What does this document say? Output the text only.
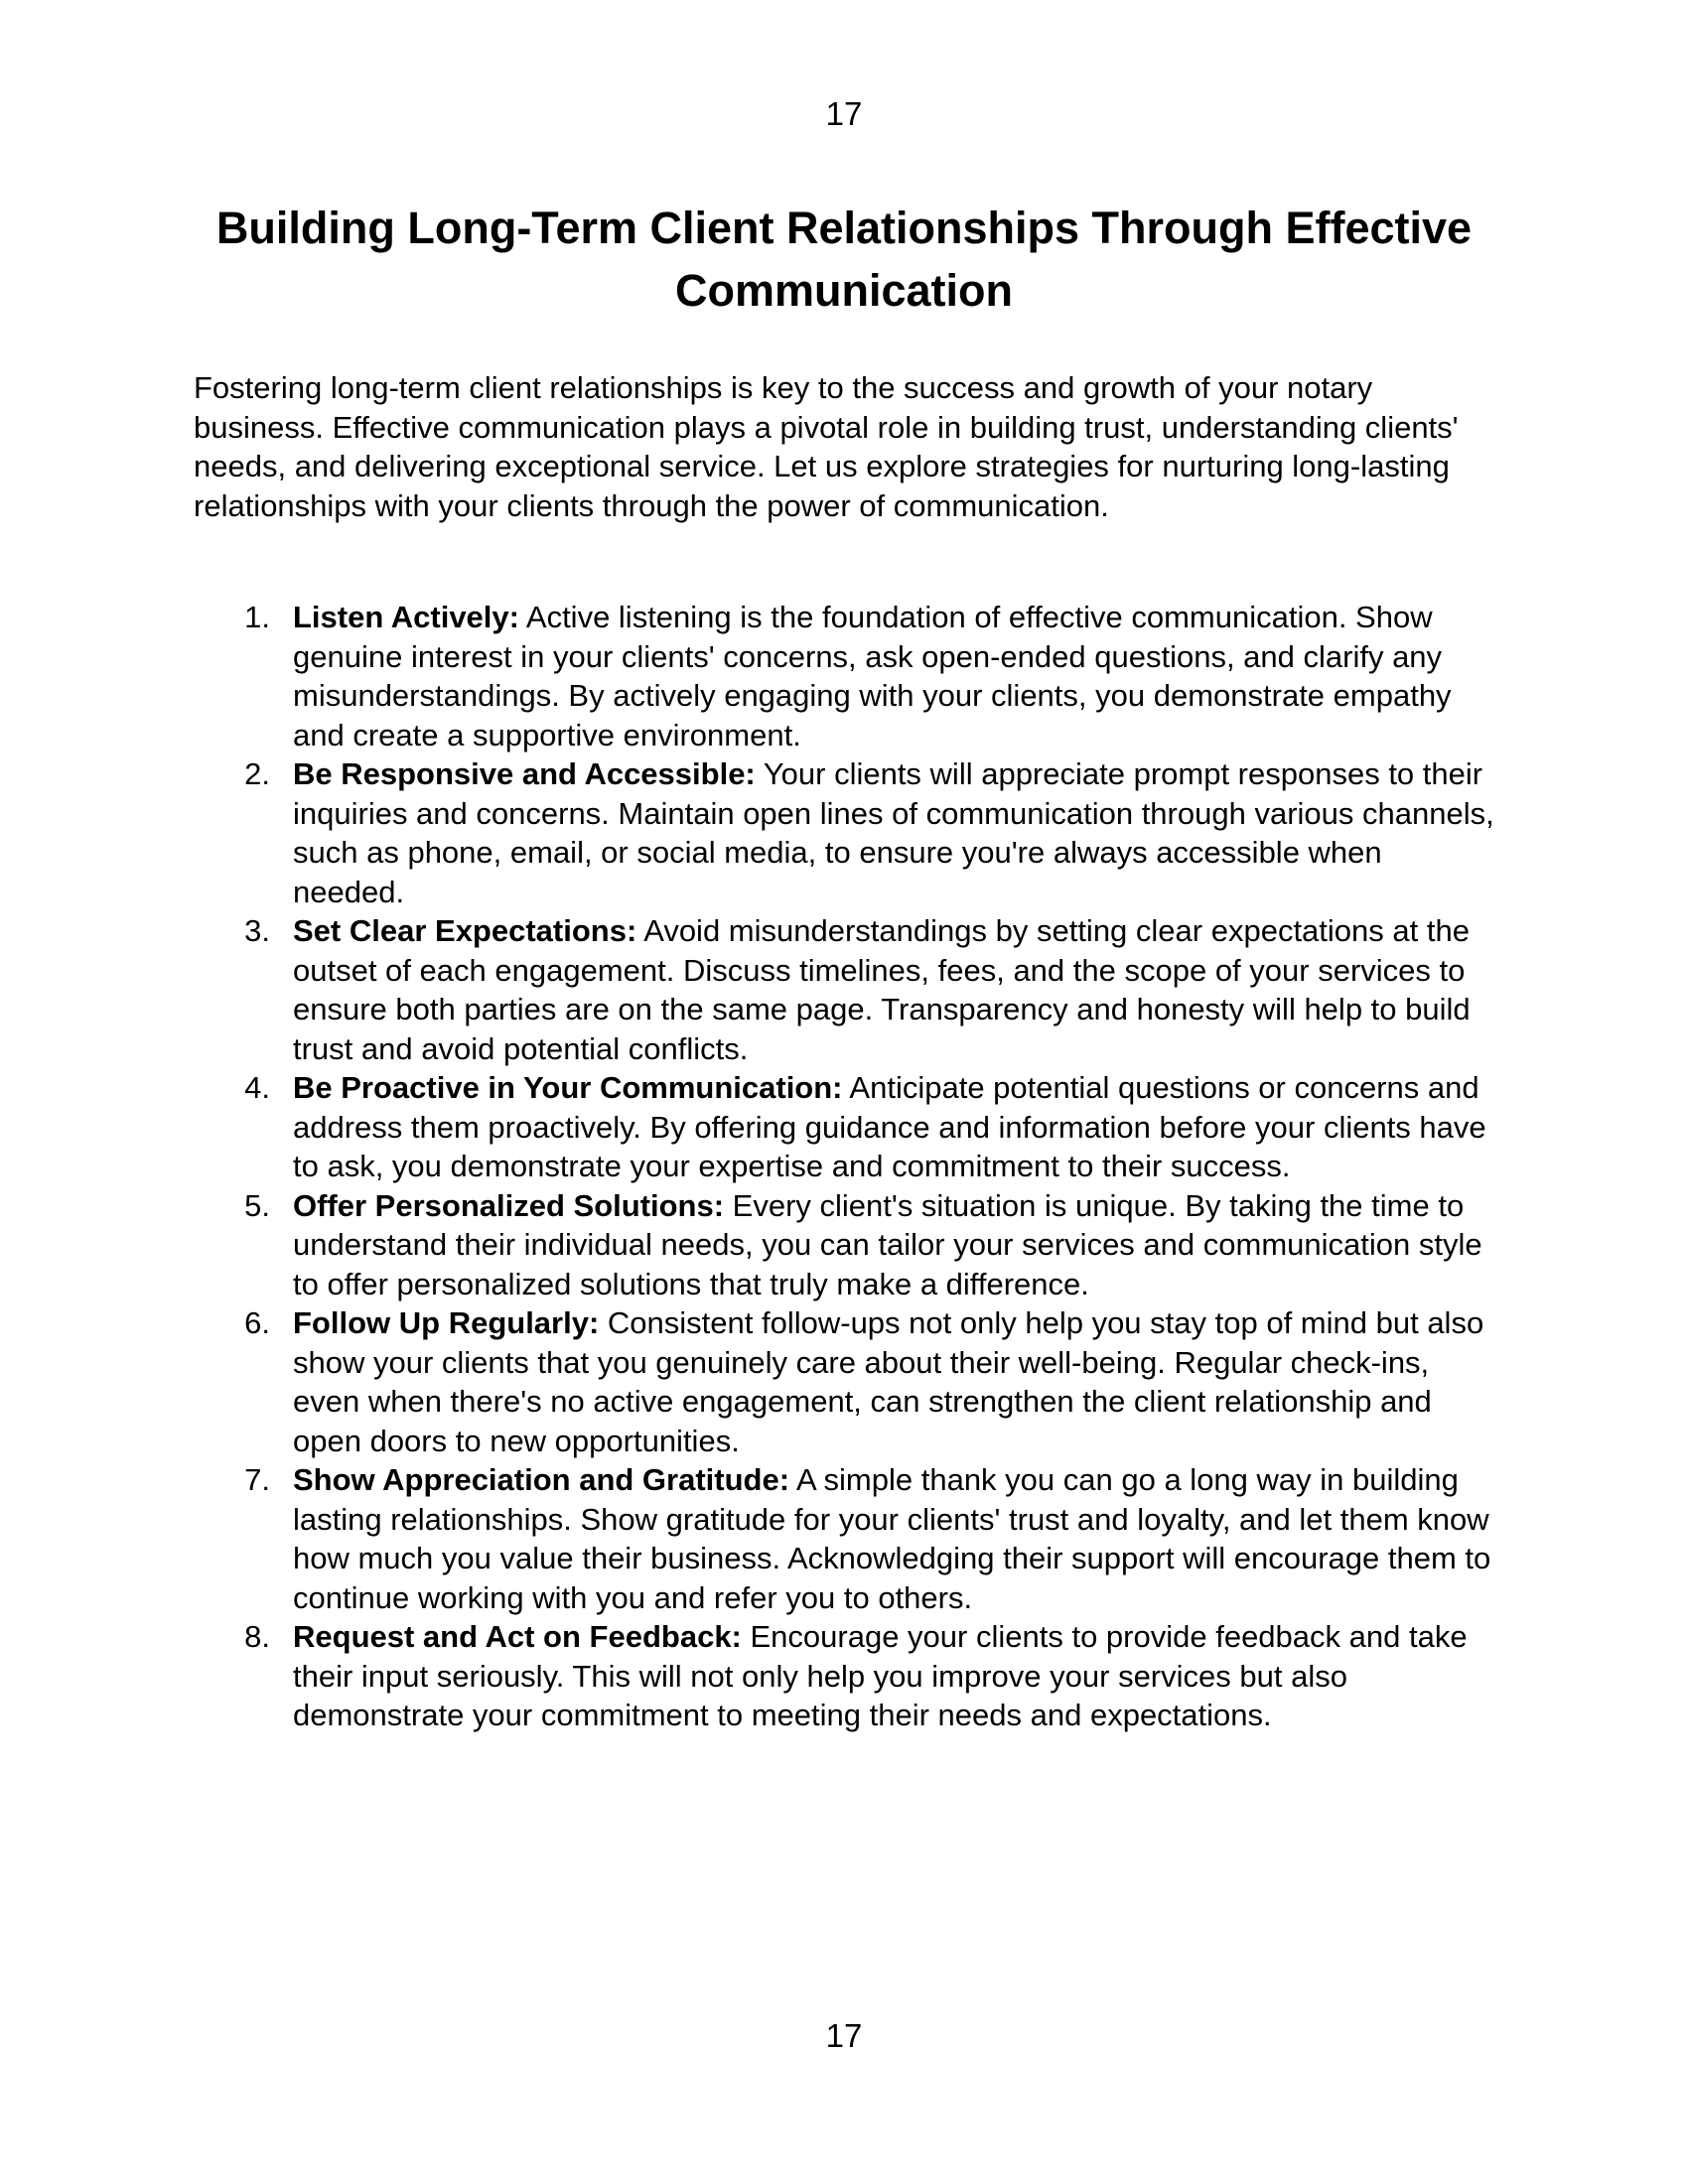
17
Building Long-Term Client Relationships Through Effective Communication

Fostering long-term client relationships is key to the success and growth of your notary business. Effective communication plays a pivotal role in building trust, understanding clients' needs, and delivering exceptional service. Let us explore strategies for nurturing long-lasting relationships with your clients through the power of communication.

1. Listen Actively: Active listening is the foundation of effective communication. Show genuine interest in your clients' concerns, ask open-ended questions, and clarify any misunderstandings. By actively engaging with your clients, you demonstrate empathy and create a supportive environment.
2. Be Responsive and Accessible: Your clients will appreciate prompt responses to their inquiries and concerns. Maintain open lines of communication through various channels, such as phone, email, or social media, to ensure you're always accessible when needed.
3. Set Clear Expectations: Avoid misunderstandings by setting clear expectations at the outset of each engagement. Discuss timelines, fees, and the scope of your services to ensure both parties are on the same page. Transparency and honesty will help to build trust and avoid potential conflicts.
4. Be Proactive in Your Communication: Anticipate potential questions or concerns and address them proactively. By offering guidance and information before your clients have to ask, you demonstrate your expertise and commitment to their success.
5. Offer Personalized Solutions: Every client's situation is unique. By taking the time to understand their individual needs, you can tailor your services and communication style to offer personalized solutions that truly make a difference.
6. Follow Up Regularly: Consistent follow-ups not only help you stay top of mind but also show your clients that you genuinely care about their well-being. Regular check-ins, even when there's no active engagement, can strengthen the client relationship and open doors to new opportunities.
7. Show Appreciation and Gratitude: A simple thank you can go a long way in building lasting relationships. Show gratitude for your clients' trust and loyalty, and let them know how much you value their business. Acknowledging their support will encourage them to continue working with you and refer you to others.
8. Request and Act on Feedback: Encourage your clients to provide feedback and take their input seriously. This will not only help you improve your services but also demonstrate your commitment to meeting their needs and expectations.
17
